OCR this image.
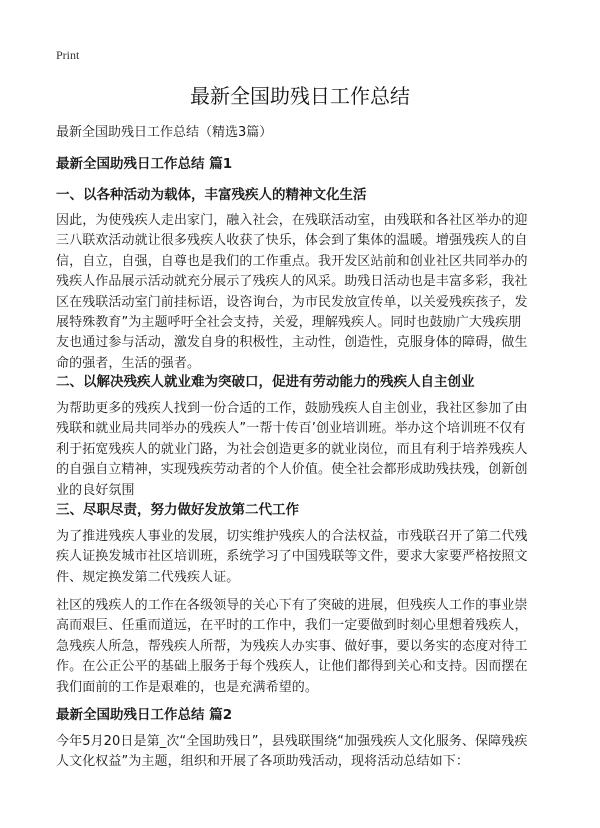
Print
最新全国助残日工作总结

最新全国助残日工作总结（精选3篇）

最新全国助残日工作总结 篇1

一、以各种活动为载体，丰富残疾人的精神文化生活

因此，为使残疾人走出家门，融入社会，在残联活动室，由残联和各社区举办的迎
三八联欢活动就让很多残疾人收获了快乐，体会到了集体的温暖。增强残疾人的自
信，自立，自强，自尊也是我们的工作重点。我开发区站前和创业社区共同举办的
残疾人作品展示活动就充分展示了残疾人的风采。助残日活动也是丰富多彩，我社
区在残联活动室门前挂标语，设咨询台，为市民发放宣传单，以关爱残疾孩子，发
展特殊教育”为主题呼吁全社会支持，关爱，理解残疾人。同时也鼓励广大残疾朋
友也通过参与活动，激发自身的积极性，主动性，创造性，克服身体的障碍，做生
命的强者，生活的强者。

二、以解决残疾人就业难为突破口，促进有劳动能力的残疾人自主创业

为帮助更多的残疾人找到一份合适的工作，鼓励残疾人自主创业，我社区参加了由
残联和就业局共同举办的残疾人”一帮十传百’创业培训班。举办这个培训班不仅有
利于拓宽残疾人的就业门路，为社会创造更多的就业岗位，而且有利于培养残疾人
的自强自立精神，实现残疾劳动者的个人价值。使全社会都形成助残扶残，创新创
业的良好氛围

三、尽职尽责，努力做好发放第二代工作

为了推进残疾人事业的发展，切实维护残疾人的合法权益，市残联召开了第二代残
疾人证换发城市社区培训班，系统学习了中国残联等文件，要求大家要严格按照文
件、规定换发第二代残疾人证。
社区的残疾人的工作在各级领导的关心下有了突破的进展，但残疾人工作的事业崇
高而艰巨、任重而道远，在平时的工作中，我们一定要做到时刻心里想着残疾人，
急残疾人所急，帮残疾人所帮，为残疾人办实事、做好事，要以务实的态度对待工
作。在公正公平的基础上服务于每个残疾人，让他们都得到关心和支持。因而摆在
我们面前的工作是艰难的，也是充满希望的。

最新全国助残日工作总结 篇2

今年5月20日是第_次“全国助残日”，县残联围绕“加强残疾人文化服务、保障残疾
人文化权益”为主题，组织和开展了各项助残活动，现将活动总结如下：
